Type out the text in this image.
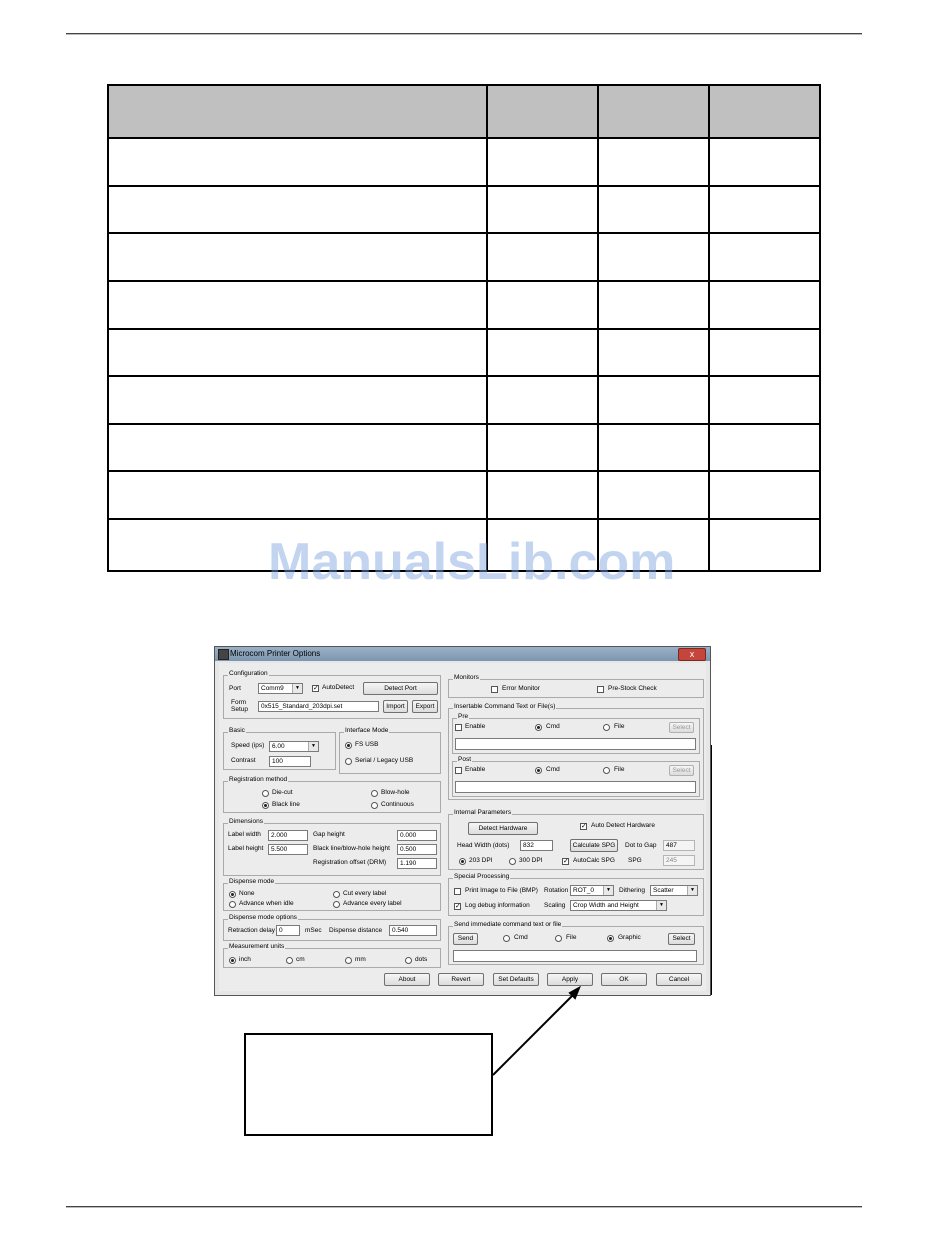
ManualsLib.com
Microcom Printer Options	x
Configuration
Port	Comm9	▼ ✓ AutoDetect	Detect Port
Form
Setup	0x515_Standard_203dpi.set	Import	Export
Basic
Speed (ips)	6.00	▼
Contrast	100
Interface Mode
FS USB
Serial / Legacy USB
Registration method
Die-cut	Blow-hole
Black line	Continuous
Dimensions
Label width	2.000
Label height	5.500
Gap height	0.000
Black line/blow-hole height	0.500
Registration offset (DRM)	1.190
Dispense mode
None	Cut every label
Advance when idle	Advance every label
Dispense mode options
Retraction delay 0	mSec Dispense distance	0.540
Measurement units
inch	cm	mm	dots
Monitors
Error Monitor	Pre-Stock Check
Insertable Command Text or File(s)
Pre
Enable	Cmd	File	Select
Post
Enable	Cmd	File	Select
Internal Parameters
Detect Hardware	✓ Auto Detect Hardware
Head Width (dots)	832	Calculate SPG	Dot to Gap	487
203 DPI	300 DPI	✓ AutoCalc SPG SPG	245
Special Processing
Print Image to File (BMP) Rotation ROT_0	▼	Dithering	Scatter	▼
✓ Log debug information Scaling	Crop Width and Height	▼
Send immediate command text or file
Send	Cmd	File	Graphic	Select
About	Revert	Set Defaults	Apply	OK	Cancel
